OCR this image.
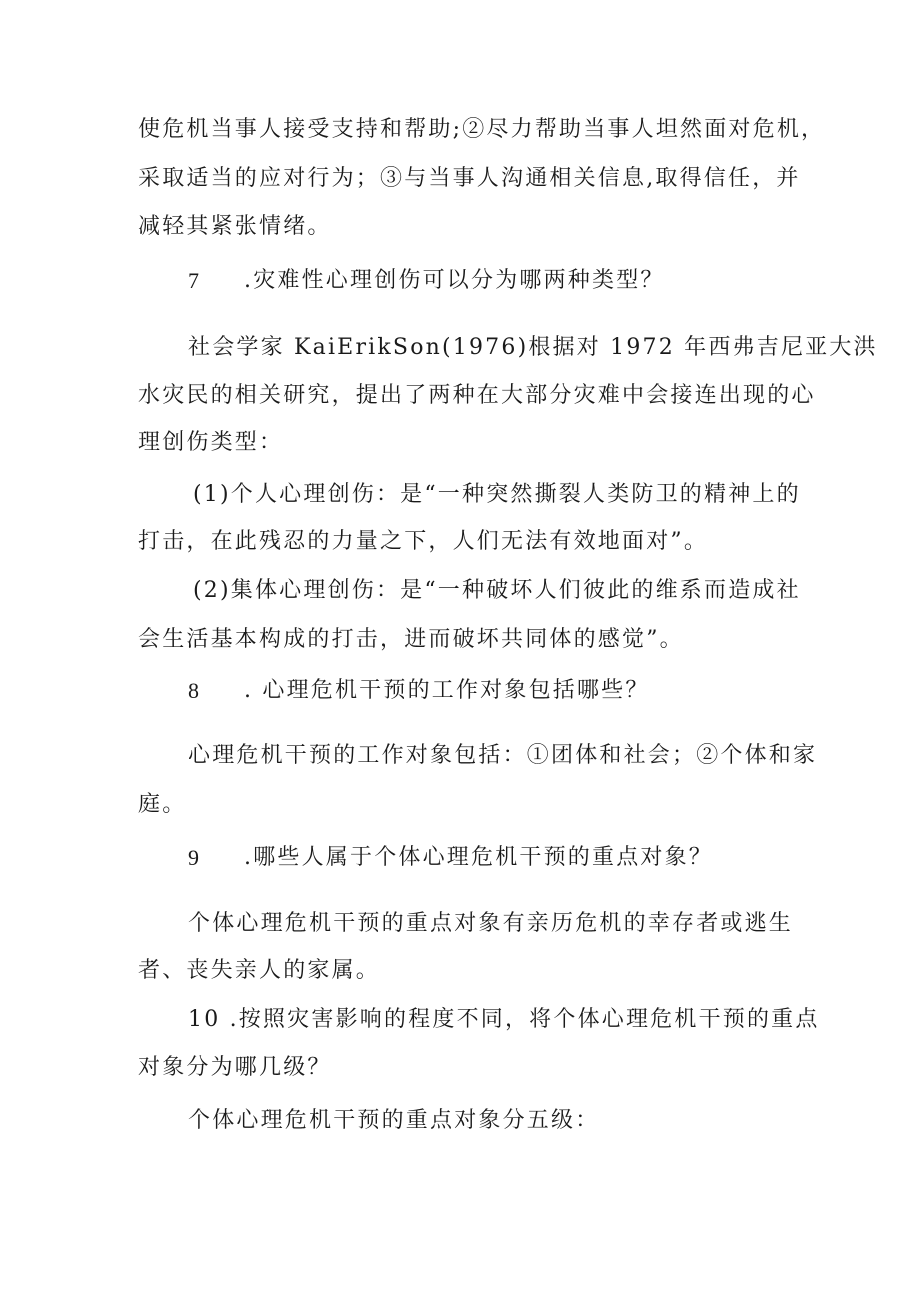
使危机当事人接受支持和帮助;②尽力帮助当事人坦然面对危机，
采取适当的应对行为；③与当事人沟通相关信息,取得信任，并
减轻其紧张情绪。
7 .灾难性心理创伤可以分为哪两种类型？
社会学家 KaiErikSon(1976)根据对 1972 年西弗吉尼亚大洪
水灾民的相关研究，提出了两种在大部分灾难中会接连出现的心
理创伤类型：
(1)个人心理创伤：是“一种突然撕裂人类防卫的精神上的
打击，在此残忍的力量之下，人们无法有效地面对”。
(2)集体心理创伤：是“一种破坏人们彼此的维系而造成社
会生活基本构成的打击，进而破坏共同体的感觉”。
8 . 心理危机干预的工作对象包括哪些？
心理危机干预的工作对象包括：①团体和社会；②个体和家
庭。
9 .哪些人属于个体心理危机干预的重点对象？
个体心理危机干预的重点对象有亲历危机的幸存者或逃生
者、丧失亲人的家属。
10 .按照灾害影响的程度不同，将个体心理危机干预的重点
对象分为哪几级？
个体心理危机干预的重点对象分五级：
